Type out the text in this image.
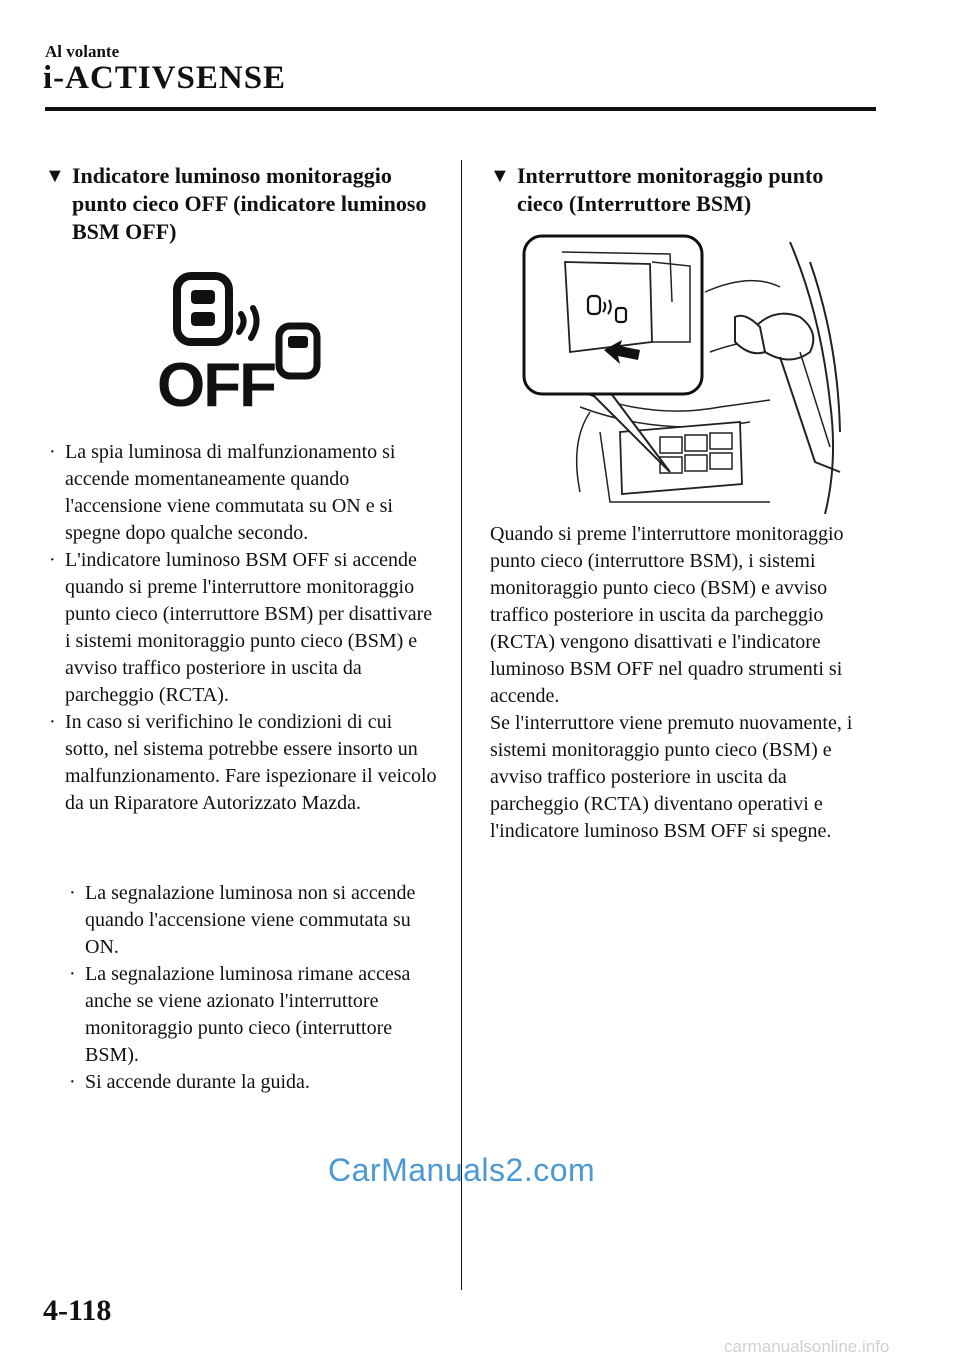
Al volante
i-ACTIVSENSE
▼ Indicatore luminoso monitoraggio punto cieco OFF (indicatore luminoso BSM OFF)
OFF
· La spia luminosa di malfunzionamento si accende momentaneamente quando l'accensione viene commutata su ON e si spegne dopo qualche secondo.
· L'indicatore luminoso BSM OFF si accende quando si preme l'interruttore monitoraggio punto cieco (interruttore BSM) per disattivare i sistemi monitoraggio punto cieco (BSM) e avviso traffico posteriore in uscita da parcheggio (RCTA).
· In caso si verifichino le condizioni di cui sotto, nel sistema potrebbe essere insorto un malfunzionamento. Fare ispezionare il veicolo da un Riparatore Autorizzato Mazda.
· La segnalazione luminosa non si accende quando l'accensione viene commutata su ON.
· La segnalazione luminosa rimane accesa anche se viene azionato l'interruttore monitoraggio punto cieco (interruttore BSM).
· Si accende durante la guida.
▼ Interruttore monitoraggio punto cieco (Interruttore BSM)
Quando si preme l'interruttore monitoraggio punto cieco (interruttore BSM), i sistemi monitoraggio punto cieco (BSM) e avviso traffico posteriore in uscita da parcheggio (RCTA) vengono disattivati e l'indicatore luminoso BSM OFF nel quadro strumenti si accende.
Se l'interruttore viene premuto nuovamente, i sistemi monitoraggio punto cieco (BSM) e avviso traffico posteriore in uscita da parcheggio (RCTA) diventano operativi e l'indicatore luminoso BSM OFF si spegne.
CarManuals2.com
4-118
carmanualsonline.info
